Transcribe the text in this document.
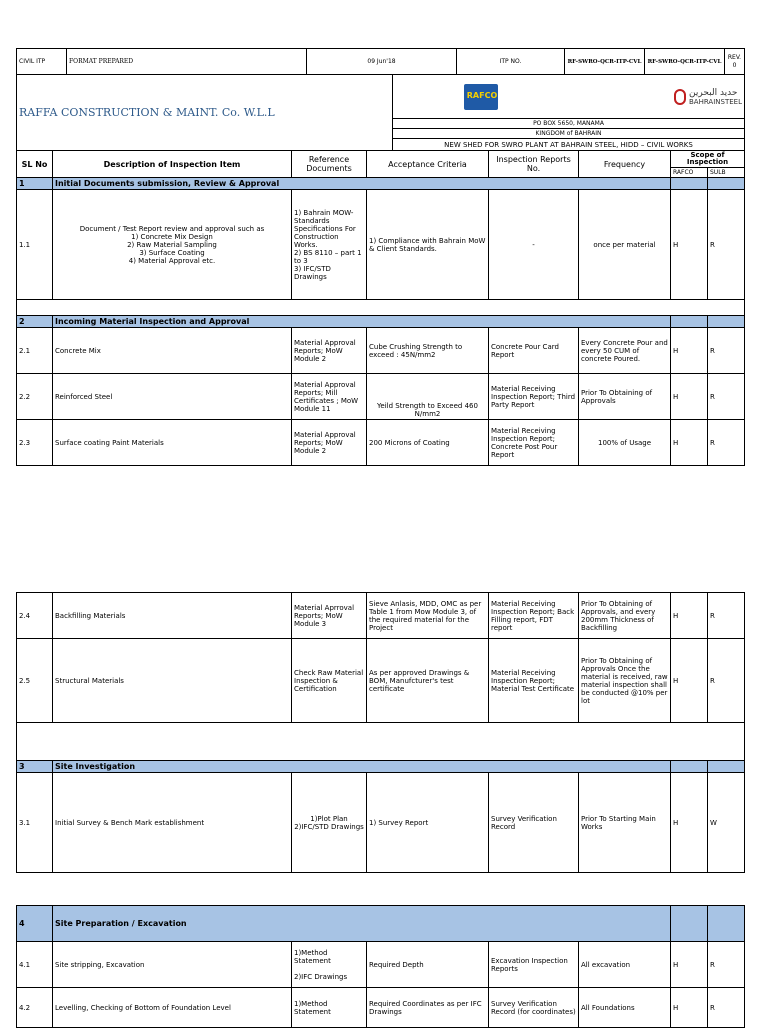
CIVIL ITP	FORMAT PREPARED	09 Jun'18	ITP NO.	RF-SWRO-QCR-ITP-CVL	RF-SWRO-QCR-ITP-CVL	REV. 0
RAFFA CONSTRUCTION & MAINT. Co. W.L.L	
RAFCO	حديد البحرين
BAHRAINSTEEL

PO BOX 5650, MANAMA
KINGDOM of BAHRAIN
NEW SHED FOR SWRO PLANT AT BAHRAIN STEEL, HIDD – CIVIL WORKS
SL No	Description of Inspection Item	Reference Documents	Acceptance Criteria	Inspection Reports No.	Frequency	Scope of Inspection	
						RAFCO	SULB
1	Initial Documents submission, Review & Approval						
1.1	Document / Test Report review and approval such as
1) Concrete Mix Design
2) Raw Material Sampling
3) Surface Coating
4) Material Approval etc.	1) Bahrain MOW-Standards Specifications For Construction Works.
2) BS 8110 – part 1 to 3
3) IFC/STD Drawings	1) Compliance with Bahrain MoW & Client Standards.	-	once per material	H	R

2	Incoming Material Inspection and Approval						
2.1	Concrete Mix	Material Approval Reports; MoW Module 2	Cube Crushing Strength to exceed : 45N/mm2	Concrete Pour Card Report	Every Concrete Pour and every 50 CUM of concrete Poured.	H	R
2.2	Reinforced Steel	Material Approval Reports; Mill Certificates ; MoW Module 11	Yeild Strength to Exceed 460 N/mm2	Material Receiving Inspection Report; Third Party Report	Prior To Obtaining of Approvals	H	R
2.3	Surface coating Paint Materials	Material Approval Reports; MoW Module 2	200 Microns of Coating	Material Receiving Inspection Report; Concrete Post Pour Report	100% of Usage	H	R
2.4	Backfilling Materials	Material Aprroval Reports; MoW Module 3	Sieve Anlasis, MDD, OMC as per Table 1 from Mow Module 3, of the required material for the Project	Material Receiving Inspection Report; Back Filling report, FDT report	Prior To Obtaining of Approvals, and every 200mm Thickness of Backfilling	H	R
2.5	Structural Materials	Check Raw Material Inspection & Certification	As per approved Drawings & BOM, Manufcturer's test certificate	Material Receiving Inspection Report; Material Test Certificate	Prior To Obtaining of Approvals Once the material is received, raw material inspection shall be conducted @10% per lot	H	R

3	Site Investigation						
3.1	Initial Survey & Bench Mark establishment	1)Plot Plan
2)IFC/STD Drawings	1) Survey Report	Survey Verification Record	Prior To Starting Main Works	H	W
4	Site Preparation / Excavation						
4.1	Site stripping, Excavation	1)Method Statement

2)IFC Drawings	Required Depth	Excavation Inspection Reports	All excavation	H	R
4.2	Levelling, Checking of Bottom of Foundation Level	1)Method Statement	Required Coordinates as per IFC Drawings	Survey Verification Record (for coordinates)	All Foundations	H	R
